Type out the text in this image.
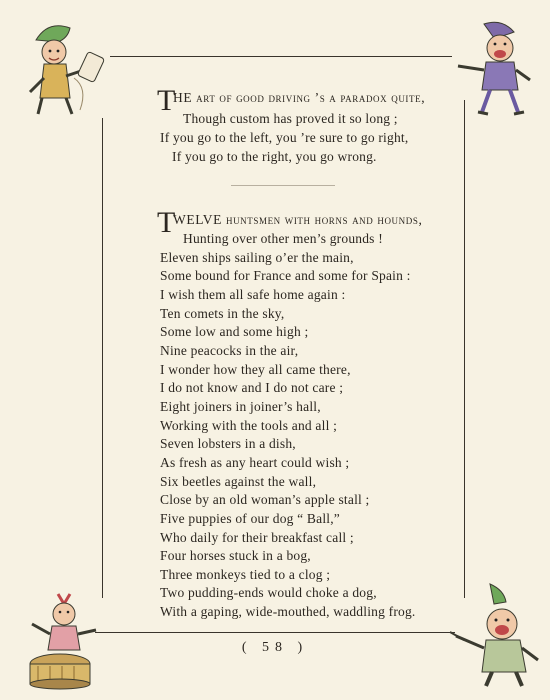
T
HE art of good driving ’s a paradox quite,
Though custom has proved it so long ;
If you go to the left, you ’re sure to go right,
If you go to the right, you go wrong.
T
WELVE huntsmen with horns and hounds,
Hunting over other men’s grounds !
Eleven ships sailing o’er the main,
Some bound for France and some for Spain :
I wish them all safe home again :
Ten comets in the sky,
Some low and some high ;
Nine peacocks in the air,
I wonder how they all came there,
I do not know and I do not care ;
Eight joiners in joiner’s hall,
Working with the tools and all ;
Seven lobsters in a dish,
As fresh as any heart could wish ;
Six beetles against the wall,
Close by an old woman’s apple stall ;
Five puppies of our dog “ Ball,”
Who daily for their breakfast call ;
Four horses stuck in a bog,
Three monkeys tied to a clog ;
Two pudding-ends would choke a dog,
With a gaping, wide-mouthed, waddling frog.
( 58 )
